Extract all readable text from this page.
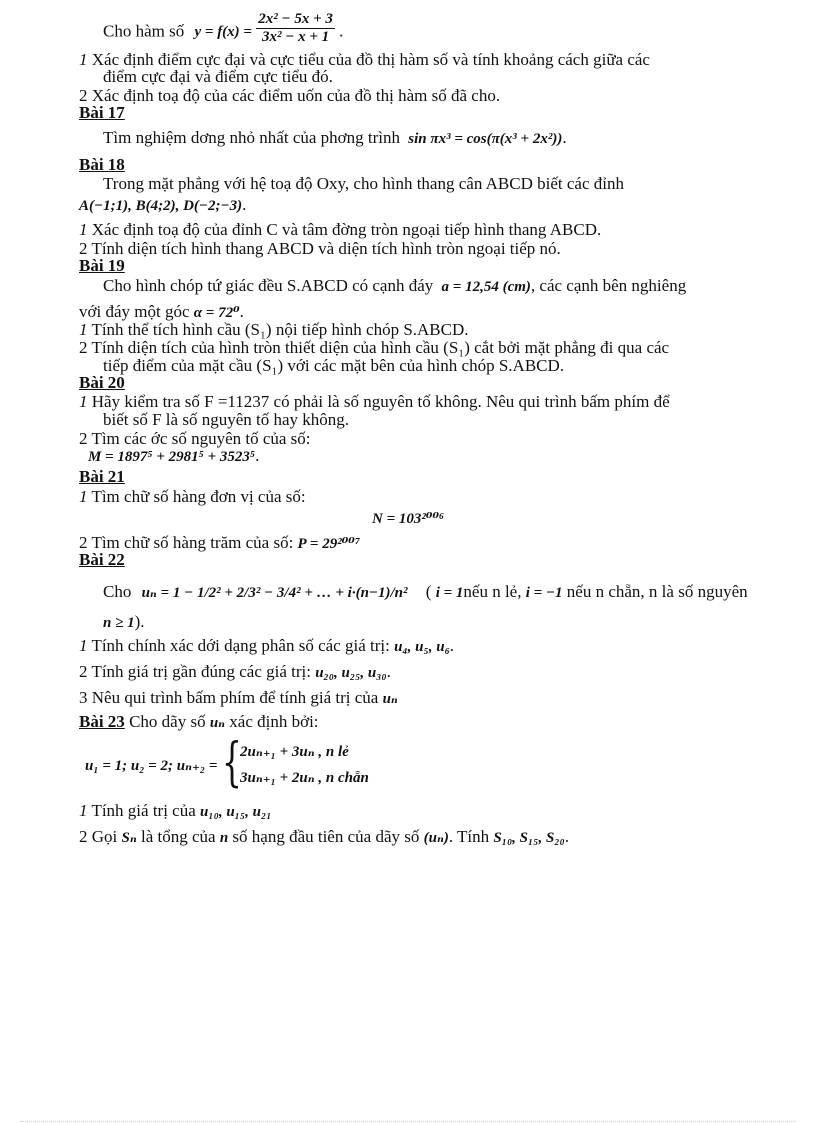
Cho hàm số $y = f(x) = \frac{\text{2x² − 5x + 3}}{\text{3x² − x + 1}}$ .
1 Xác định điểm cực đại và cực tiểu của đồ thị hàm số và tính khoảng cách giữa các
điểm cực đại và điểm cực tiểu đó.
2 Xác định toạ độ của các điểm uốn của đồ thị hàm số đã cho.
Bài 17
Tìm nghiệm dơng nhỏ nhất của phơng trình sin πx³ = cos(π(x³ + 2x²)).
Bài 18
Trong mặt phẳng với hệ toạ độ Oxy, cho hình thang cân ABCD biết các đỉnh
A(−1;1), B(4;2), D(−2;−3).
1 Xác định toạ độ của đỉnh C và tâm đờng tròn ngoại tiếp hình thang ABCD.
2 Tính diện tích hình thang ABCD và diện tích hình tròn ngoại tiếp nó.
Bài 19
Cho hình chóp tứ giác đều S.ABCD có cạnh đáy a = 12,54 (cm), các cạnh bên nghiêng
với đáy một góc α = 72⁰.
1 Tính thể tích hình cầu (S₁) nội tiếp hình chóp S.ABCD.
2 Tính diện tích của hình tròn thiết diện của hình cầu (S₁) cắt bởi mặt phẳng đi qua các
tiếp điểm của mặt cầu (S₁) với các mặt bên của hình chóp S.ABCD.
Bài 20
1 Hãy kiểm tra số F =11237 có phải là số nguyên tố không. Nêu qui trình bấm phím để
biết số F là số nguyên tố hay không.
2 Tìm các ớc số nguyên tố của số:
M = 1897⁵ + 2981⁵ + 3523⁵.
Bài 21
1 Tìm chữ số hàng đơn vị của số:
N = 103²⁰⁰⁶
2 Tìm chữ số hàng trăm của số: P = 29²⁰⁰⁷
Bài 22
Cho uₙ = 1 − 1/2² + 2/3² − 3/4² + … + i·(n−1)/n² ( i = 1nếu n lẻ, i = −1 nếu n chẵn, n là số nguyên
n ≥ 1).
1 Tính chính xác dới dạng phân số các giá trị: u₄, u₅, u₆.
2 Tính giá trị gần đúng các giá trị: u₂₀, u₂₅, u₃₀.
3 Nêu qui trình bấm phím để tính giá trị của uₙ
Bài 23 Cho dãy số uₙ xác định bởi:
u₁ = 1; u₂ = 2; uₙ₊₂ = {
2uₙ₊₁ + 3uₙ , n lẻ
3uₙ₊₁ + 2uₙ , n chẵn
1 Tính giá trị của u₁₀, u₁₅, u₂₁
2 Gọi Sₙ là tổng của n số hạng đầu tiên của dãy số (uₙ). Tính S₁₀, S₁₅, S₂₀.
